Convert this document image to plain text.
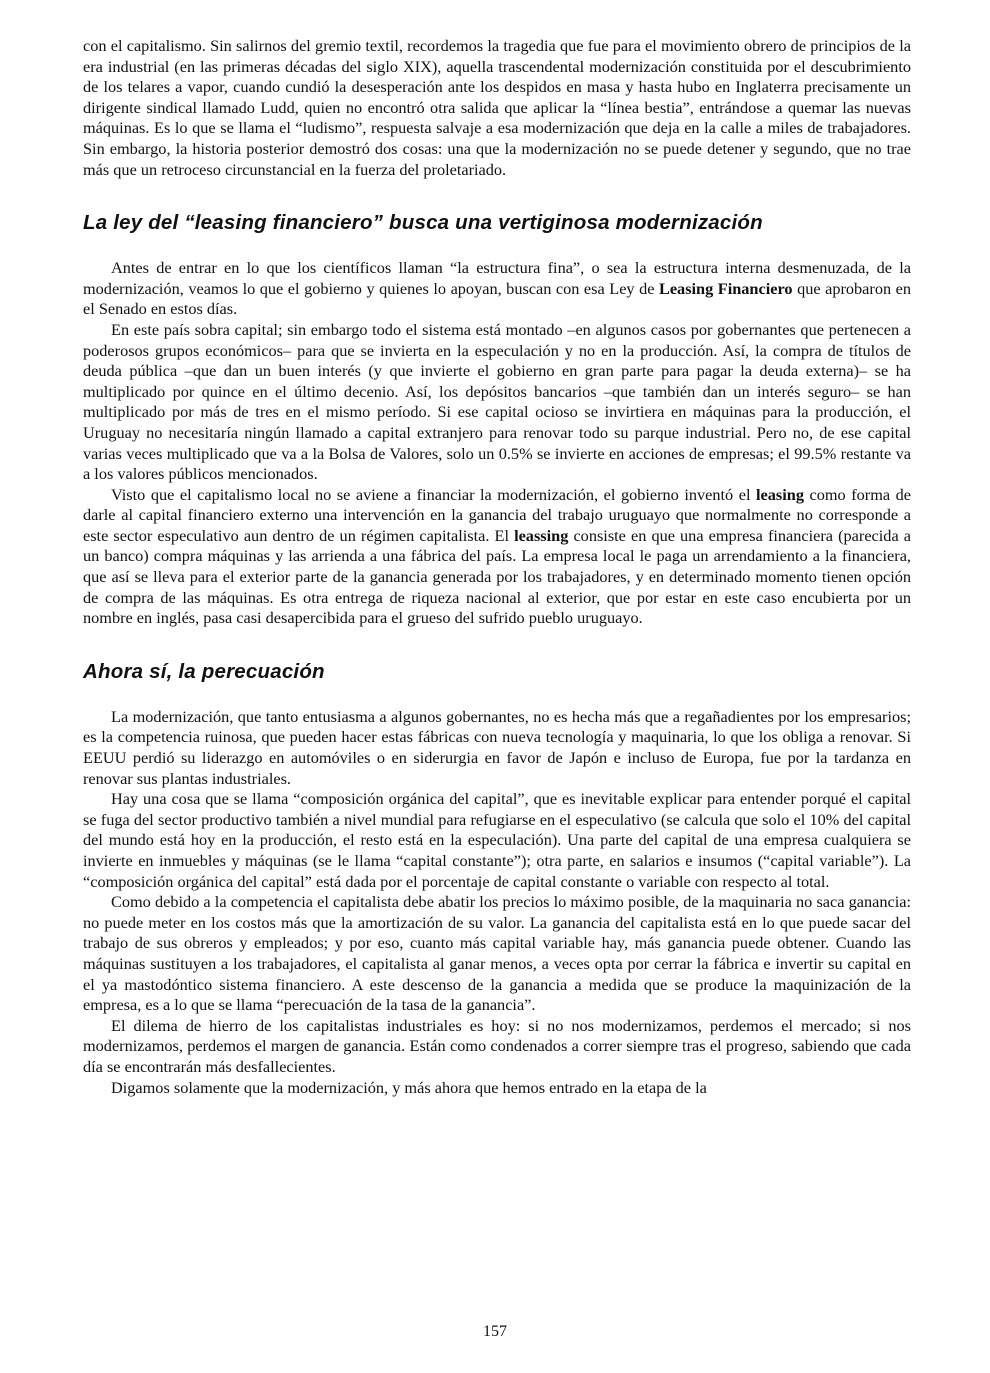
con el capitalismo. Sin salirnos del gremio textil, recordemos la tragedia que fue para el movimiento obrero de principios de la era industrial (en las primeras décadas del siglo XIX), aquella trascendental modernización constituida por el descubrimiento de los telares a vapor, cuando cundió la desesperación ante los despidos en masa y hasta hubo en Inglaterra precisamente un dirigente sindical llamado Ludd, quien no encontró otra salida que aplicar la “línea bestia”, entrándose a quemar las nuevas máquinas. Es lo que se llama el “ludismo”, respuesta salvaje a esa modernización que deja en la calle a miles de trabajadores. Sin embargo, la historia posterior demostró dos cosas: una que la modernización no se puede detener y segundo, que no trae más que un retroceso circunstancial en la fuerza del proletariado.

La ley del “leasing financiero” busca una vertiginosa modernización

Antes de entrar en lo que los científicos llaman “la estructura fina”, o sea la estructura interna desmenuzada, de la modernización, veamos lo que el gobierno y quienes lo apoyan, buscan con esa Ley de Leasing Financiero que aprobaron en el Senado en estos días.

En este país sobra capital; sin embargo todo el sistema está montado –en algunos casos por gobernantes que pertenecen a poderosos grupos económicos– para que se invierta en la especulación y no en la producción. Así, la compra de títulos de deuda pública –que dan un buen interés (y que invierte el gobierno en gran parte para pagar la deuda externa)– se ha multiplicado por quince en el último decenio. Así, los depósitos bancarios –que también dan un interés seguro– se han multiplicado por más de tres en el mismo período. Si ese capital ocioso se invirtiera en máquinas para la producción, el Uruguay no necesitaría ningún llamado a capital extranjero para renovar todo su parque industrial. Pero no, de ese capital varias veces multiplicado que va a la Bolsa de Valores, solo un 0.5% se invierte en acciones de empresas; el 99.5% restante va a los valores públicos mencionados.

Visto que el capitalismo local no se aviene a financiar la modernización, el gobierno inventó el leasing como forma de darle al capital financiero externo una intervención en la ganancia del trabajo uruguayo que normalmente no corresponde a este sector especulativo aun dentro de un régimen capitalista. El leassing consiste en que una empresa financiera (parecida a un banco) compra máquinas y las arrienda a una fábrica del país. La empresa local le paga un arrendamiento a la financiera, que así se lleva para el exterior parte de la ganancia generada por los trabajadores, y en determinado momento tienen opción de compra de las máquinas. Es otra entrega de riqueza nacional al exterior, que por estar en este caso encubierta por un nombre en inglés, pasa casi desapercibida para el grueso del sufrido pueblo uruguayo.

Ahora sí, la perecuación

La modernización, que tanto entusiasma a algunos gobernantes, no es hecha más que a regañadientes por los empresarios; es la competencia ruinosa, que pueden hacer estas fábricas con nueva tecnología y maquinaria, lo que los obliga a renovar. Si EEUU perdió su liderazgo en automóviles o en siderurgia en favor de Japón e incluso de Europa, fue por la tardanza en renovar sus plantas industriales.

Hay una cosa que se llama “composición orgánica del capital”, que es inevitable explicar para entender porqué el capital se fuga del sector productivo también a nivel mundial para refugiarse en el especulativo (se calcula que solo el 10% del capital del mundo está hoy en la producción, el resto está en la especulación). Una parte del capital de una empresa cualquiera se invierte en inmuebles y máquinas (se le llama “capital constante”); otra parte, en salarios e insumos (“capital variable”). La “composición orgánica del capital” está dada por el porcentaje de capital constante o variable con respecto al total.

Como debido a la competencia el capitalista debe abatir los precios lo máximo posible, de la maquinaria no saca ganancia: no puede meter en los costos más que la amortización de su valor. La ganancia del capitalista está en lo que puede sacar del trabajo de sus obreros y empleados; y por eso, cuanto más capital variable hay, más ganancia puede obtener. Cuando las máquinas sustituyen a los trabajadores, el capitalista al ganar menos, a veces opta por cerrar la fábrica e invertir su capital en el ya mastodóntico sistema financiero. A este descenso de la ganancia a medida que se produce la maquinización de la empresa, es a lo que se llama “perecuación de la tasa de la ganancia”.

El dilema de hierro de los capitalistas industriales es hoy: si no nos modernizamos, perdemos el mercado; si nos modernizamos, perdemos el margen de ganancia. Están como condenados a correr siempre tras el progreso, sabiendo que cada día se encontrarán más desfallecientes.

Digamos solamente que la modernización, y más ahora que hemos entrado en la etapa de la

157
